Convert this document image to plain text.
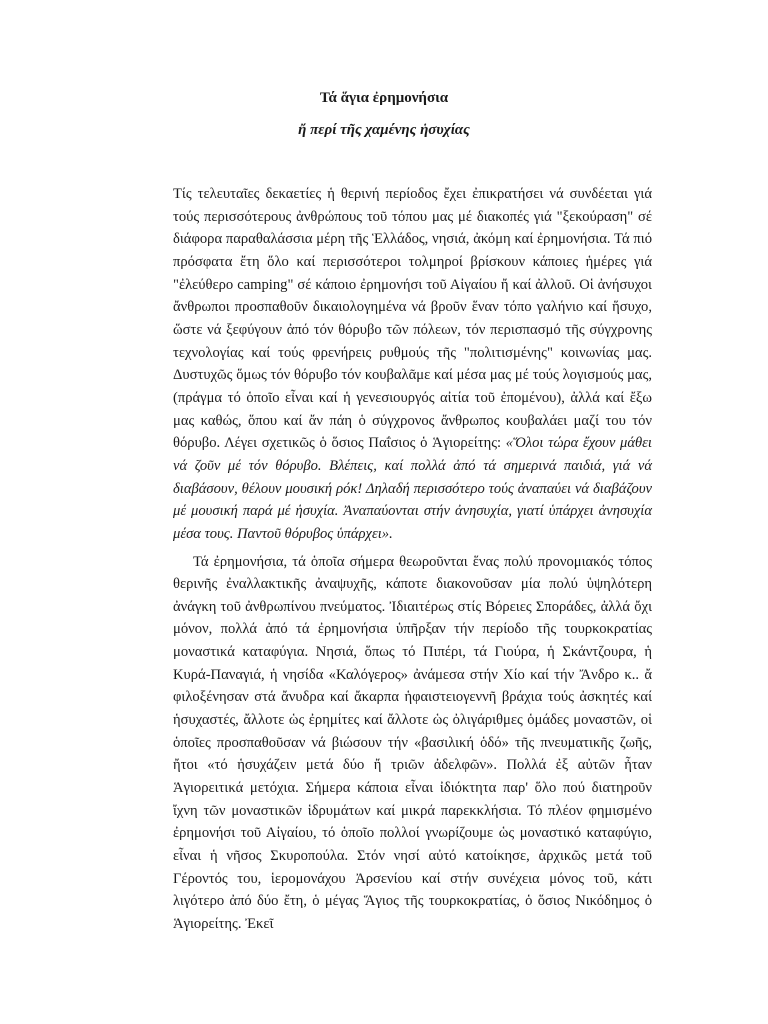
Τά ἅγια ἐρημονήσια
ἤ περί τῆς χαμένης ἡσυχίας

Τίς τελευταῖες δεκαετίες ἡ θερινή περίοδος ἔχει ἐπικρατήσει νά συνδέεται γιά τούς περισσότερους ἀνθρώπους τοῦ τόπου μας μέ διακοπές γιά "ξεκούραση" σέ διάφορα παραθαλάσσια μέρη τῆς Ἑλλάδος, νησιά, ἀκόμη καί ἐρημονήσια. Τά πιό πρόσφατα ἔτη ὅλο καί περισσότεροι τολμηροί βρίσκουν κάποιες ἡμέρες γιά "ἐλεύθερο camping" σέ κάποιο ἐρημονήσι τοῦ Αἰγαίου ἤ καί ἀλλοῦ. Οἱ ἀνήσυχοι ἄνθρωποι προσπαθοῦν δικαιολογημένα νά βροῦν ἕναν τόπο γαλήνιο καί ἥσυχο, ὥστε νά ξεφύγουν ἀπό τόν θόρυβο τῶν πόλεων, τόν περισπασμό τῆς σύγχρονης τεχνολογίας καί τούς φρενήρεις ρυθμούς τῆς "πολιτισμένης" κοινωνίας μας. Δυστυχῶς ὅμως τόν θόρυβο τόν κουβαλᾶμε καί μέσα μας μέ τούς λογισμούς μας, (πράγμα τό ὁποῖο εἶναι καί ἡ γενεσιουργός αἰτία τοῦ ἐπομένου), ἀλλά καί ἔξω μας καθώς, ὅπου καί ἄν πάη ὁ σύγχρονος ἄνθρωπος κουβαλάει μαζί του τόν θόρυβο. Λέγει σχετικῶς ὁ ὅσιος Παΐσιος ὁ Ἁγιορείτης: «Ὅλοι τώρα ἔχουν μάθει νά ζοῦν μέ τόν θόρυβο. Βλέπεις, καί πολλά ἀπό τά σημερινά παιδιά, γιά νά διαβάσουν, θέλουν μουσική ρόκ! Δηλαδή περισσότερο τούς ἀναπαύει νά διαβάζουν μέ μουσική παρά μέ ἡσυχία. Ἀναπαύονται στήν ἀνησυχία, γιατί ὑπάρχει ἀνησυχία μέσα τους. Παντοῦ θόρυβος ὑπάρχει».

Τά ἐρημονήσια, τά ὁποῖα σήμερα θεωροῦνται ἕνας πολύ προνομιακός τόπος θερινῆς ἐναλλακτικῆς ἀναψυχῆς, κάποτε διακονοῦσαν μία πολύ ὑψηλότερη ἀνάγκη τοῦ ἀνθρωπίνου πνεύματος. Ἰδιαιτέρως στίς Βόρειες Σποράδες, ἀλλά ὄχι μόνον, πολλά ἀπό τά ἐρημονήσια ὑπῆρξαν τήν περίοδο τῆς τουρκοκρατίας μοναστικά καταφύγια. Νησιά, ὅπως τό Πιπέρι, τά Γιούρα, ἡ Σκάντζουρα, ἡ Κυρά-Παναγιά, ἡ νησίδα «Καλόγερος» ἀνάμεσα στήν Χίο καί τήν Ἄνδρο κ.. ἄ φιλοξένησαν στά ἄνυδρα καί ἄκαρπα ἡφαιστειογεννῆ βράχια τούς ἀσκητές καί ἡσυχαστές, ἄλλοτε ὡς ἐρημίτες καί ἄλλοτε ὡς ὀλιγάριθμες ὁμάδες μοναστῶν, οἱ ὁποῖες προσπαθοῦσαν νά βιώσουν τήν «βασιλική ὁδό» τῆς πνευματικῆς ζωῆς, ἤτοι «τό ἡσυχάζειν μετά δύο ἤ τριῶν ἀδελφῶν». Πολλά ἐξ αὐτῶν ἦταν Ἁγιορειτικά μετόχια. Σήμερα κάποια εἶναι ἰδιόκτητα παρ' ὅλο πού διατηροῦν ἴχνη τῶν μοναστικῶν ἱδρυμάτων καί μικρά παρεκκλήσια. Τό πλέον φημισμένο ἐρημονήσι τοῦ Αἰγαίου, τό ὁποῖο πολλοί γνωρίζουμε ὡς μοναστικό καταφύγιο, εἶναι ἡ νῆσος Σκυροπούλα. Στόν νησί αὐτό κατοίκησε, ἀρχικῶς μετά τοῦ Γέροντός του, ἱερομονάχου Ἀρσενίου καί στήν συνέχεια μόνος τοῦ, κάτι λιγότερο ἀπό δύο ἔτη, ὁ μέγας Ἅγιος τῆς τουρκοκρατίας, ὁ ὅσιος Νικόδημος ὁ Ἁγιορείτης. Ἐκεῖ
